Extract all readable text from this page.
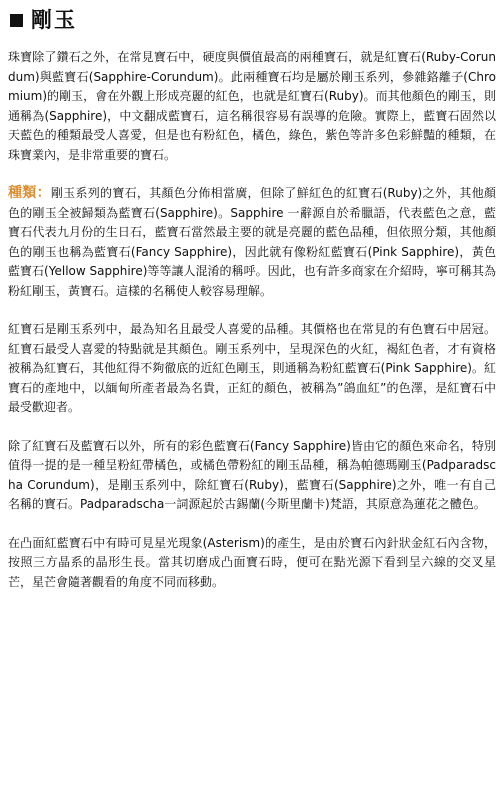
剛玉

珠寶除了鑽石之外，在常見寶石中，硬度與價值最高的兩種寶石，就是紅寶石(Ruby-Corundum)與藍寶石(Sapphire-Corundum)。此兩種寶石均是屬於剛玉系列，參雜鉻離子(Chromium)的剛玉，會在外觀上形成亮麗的紅色，也就是紅寶石(Ruby)。而其他顏色的剛玉，則通稱為(Sapphire)，中文翻成藍寶石，這名稱很容易有誤導的危險。實際上，藍寶石固然以天藍色的種類最受人喜愛，但是也有粉紅色，橘色，綠色，紫色等許多色彩鮮豔的種類，在珠寶業內，是非常重要的寶石。

種類：剛玉系列的寶石，其顏色分佈相當廣，但除了鮮紅色的紅寶石(Ruby)之外，其他顏色的剛玉全被歸類為藍寶石(Sapphire)。Sapphire 一辭源自於希臘語，代表藍色之意，藍寶石代表九月份的生日石，藍寶石當然最主要的就是亮麗的藍色品種，但依照分類，其他顏色的剛玉也稱為藍寶石(Fancy Sapphire)，因此就有像粉紅藍寶石(Pink Sapphire)，黃色藍寶石(Yellow Sapphire)等等讓人混淆的稱呼。因此，也有許多商家在介紹時，寧可稱其為粉紅剛玉，黃寶石。這樣的名稱使人較容易理解。

紅寶石是剛玉系列中，最為知名且最受人喜愛的品種。其價格也在常見的有色寶石中居冠。紅寶石最受人喜愛的特點就是其顏色。剛玉系列中，呈現深色的火紅，褐紅色者，才有資格被稱為紅寶石，其他紅得不夠徹底的近紅色剛玉，則通稱為粉紅藍寶石(Pink Sapphire)。紅寶石的產地中，以緬甸所產者最為名貴，正紅的顏色，被稱為”鴿血紅”的色澤，是紅寶石中最受歡迎者。

除了紅寶石及藍寶石以外，所有的彩色藍寶石(Fancy Sapphire)皆由它的顏色來命名，特別值得一提的是一種呈粉紅帶橘色，或橘色帶粉紅的剛玉品種，稱為帕德瑪剛玉(Padparadscha Corundum)，是剛玉系列中，除紅寶石(Ruby)，藍寶石(Sapphire)之外，唯一有自己名稱的寶石。Padparadscha一詞源起於古錫蘭(今斯里蘭卡)梵語，其原意為蓮花之體色。

在凸面紅藍寶石中有時可見星光現象(Asterism)的產生，是由於寶石內針狀金紅石內含物，按照三方晶系的晶形生長。當其切磨成凸面寶石時，便可在點光源下看到呈六線的交叉星芒，星芒會隨著觀看的角度不同而移動。
